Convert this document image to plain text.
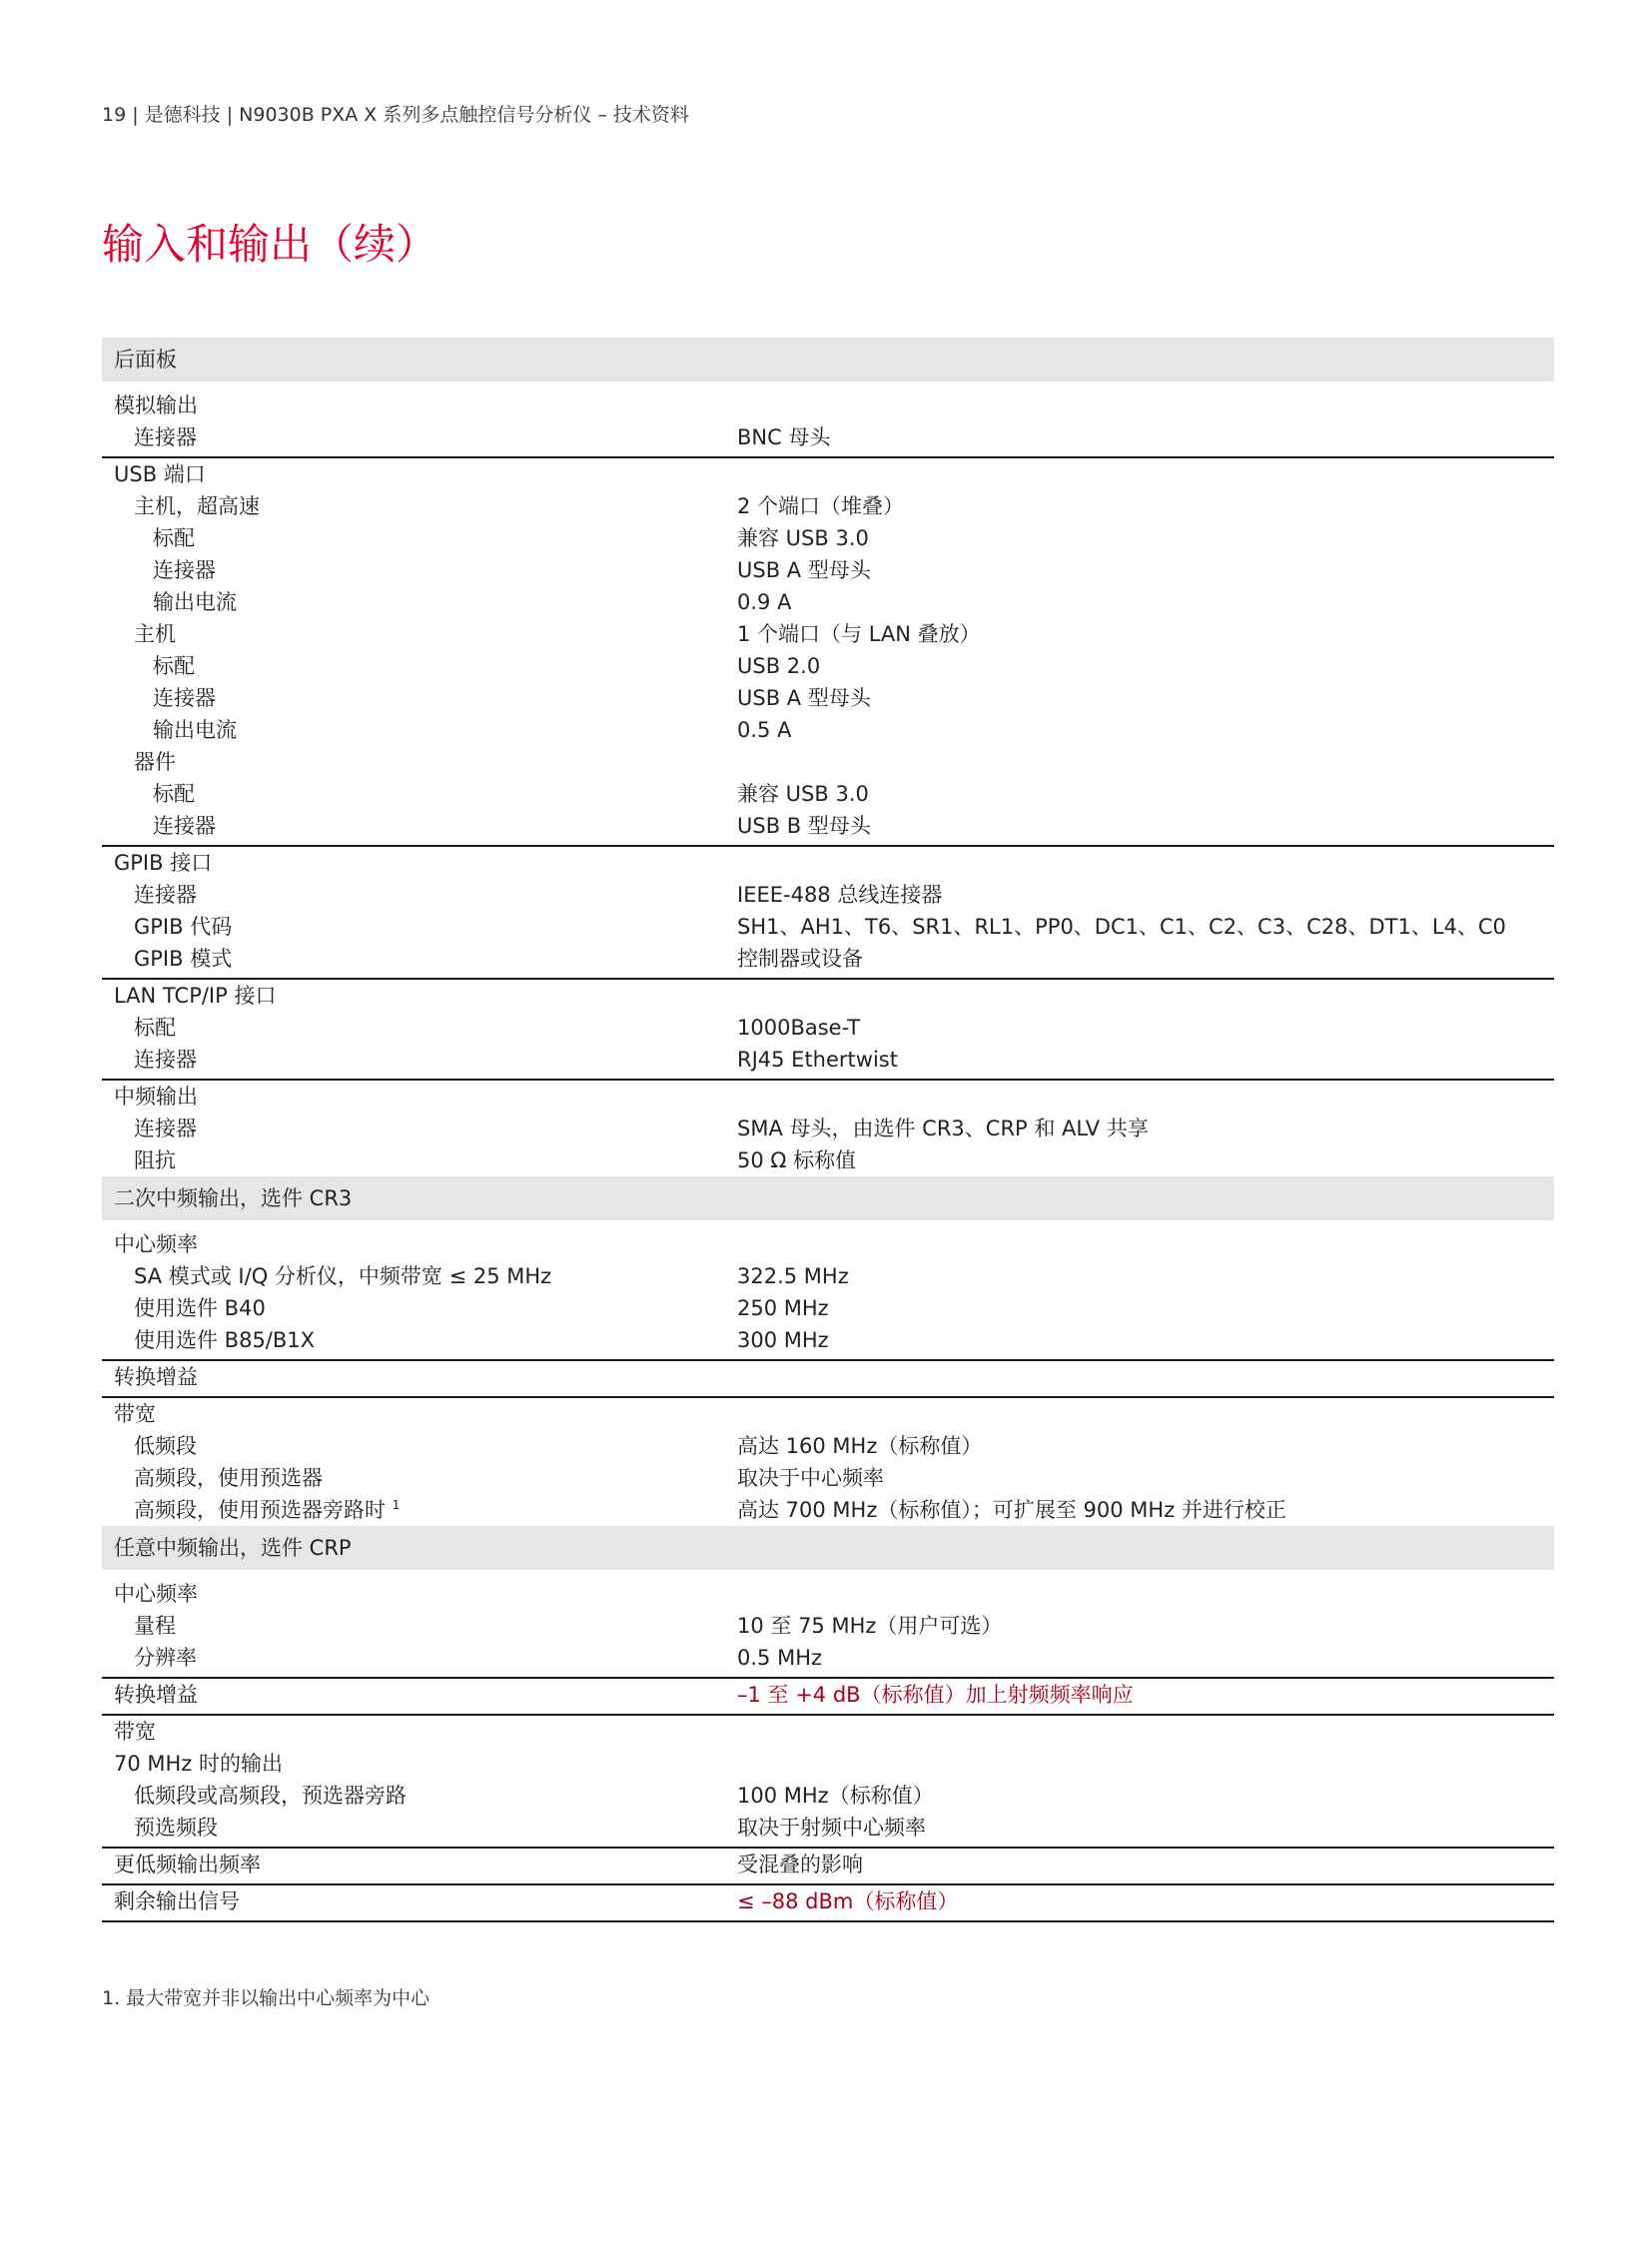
19 | 是德科技 | N9030B PXA X 系列多点触控信号分析仪 – 技术资料
输入和输出（续）
后面板
模拟输出
连接器	BNC 母头
USB 端口
主机，超高速	2 个端口（堆叠）
标配	兼容 USB 3.0
连接器	USB A 型母头
输出电流	0.9 A
主机	1 个端口（与 LAN 叠放）
标配	USB 2.0
连接器	USB A 型母头
输出电流	0.5 A
器件
标配	兼容 USB 3.0
连接器	USB B 型母头
GPIB 接口
连接器	IEEE-488 总线连接器
GPIB 代码	SH1、AH1、T6、SR1、RL1、PP0、DC1、C1、C2、C3、C28、DT1、L4、C0
GPIB 模式	控制器或设备
LAN TCP/IP 接口
标配	1000Base-T
连接器	RJ45 Ethertwist
中频输出
连接器	SMA 母头，由选件 CR3、CRP 和 ALV 共享
阻抗	50 Ω 标称值
二次中频输出，选件 CR3
中心频率
SA 模式或 I/Q 分析仪，中频带宽 ≤ 25 MHz	322.5 MHz
使用选件 B40	250 MHz
使用选件 B85/B1X	300 MHz
转换增益
带宽
低频段	高达 160 MHz（标称值）
高频段，使用预选器	取决于中心频率
高频段，使用预选器旁路时 $^1$	高达 700 MHz（标称值）；可扩展至 900 MHz 并进行校正
任意中频输出，选件 CRP
中心频率
量程	10 至 75 MHz（用户可选）
分辨率	0.5 MHz
转换增益	–1 至 +4 dB（标称值）加上射频频率响应
带宽
70 MHz 时的输出
低频段或高频段，预选器旁路	100 MHz（标称值）
预选频段	取决于射频中心频率
更低频输出频率	受混叠的影响
剩余输出信号	≤ –88 dBm（标称值）
1. 最大带宽并非以输出中心频率为中心
